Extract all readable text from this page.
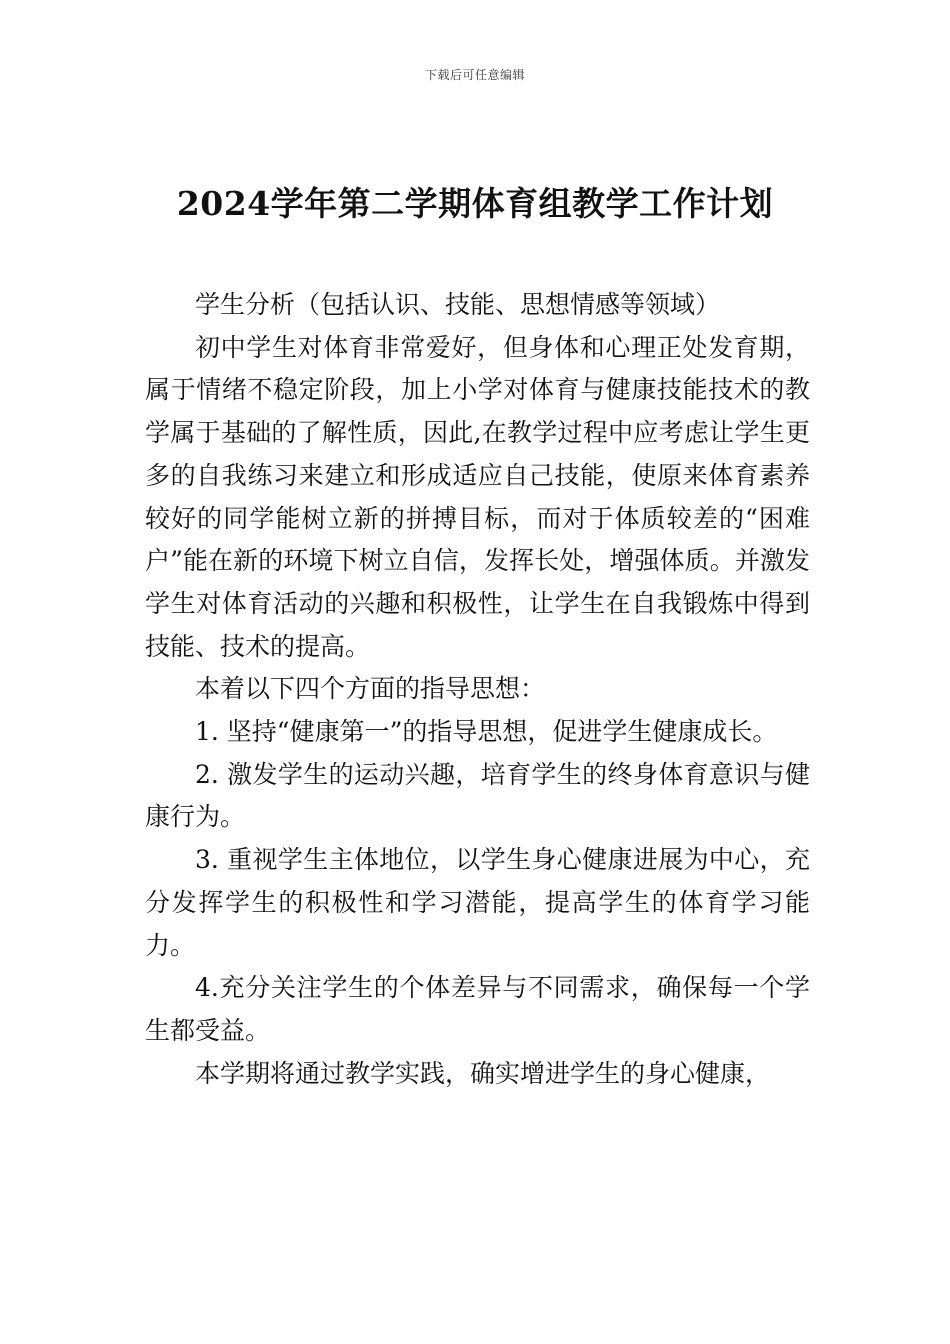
下载后可任意编辑
2024学年第二学期体育组教学工作计划

学生分析（包括认识、技能、思想情感等领域）

初中学生对体育非常爱好，但身体和心理正处发育期，属于情绪不稳定阶段，加上小学对体育与健康技能技术的教学属于基础的了解性质，因此,在教学过程中应考虑让学生更多的自我练习来建立和形成适应自己技能，使原来体育素养较好的同学能树立新的拼搏目标，而对于体质较差的“困难户”能在新的环境下树立自信，发挥长处，增强体质。并激发学生对体育活动的兴趣和积极性，让学生在自我锻炼中得到技能、技术的提高。

本着以下四个方面的指导思想：

1. 坚持“健康第一”的指导思想，促进学生健康成长。

2. 激发学生的运动兴趣，培育学生的终身体育意识与健康行为。

3. 重视学生主体地位，以学生身心健康进展为中心，充分发挥学生的积极性和学习潜能，提高学生的体育学习能力。

4.充分关注学生的个体差异与不同需求，确保每一个学生都受益。

本学期将通过教学实践，确实增进学生的身心健康，
